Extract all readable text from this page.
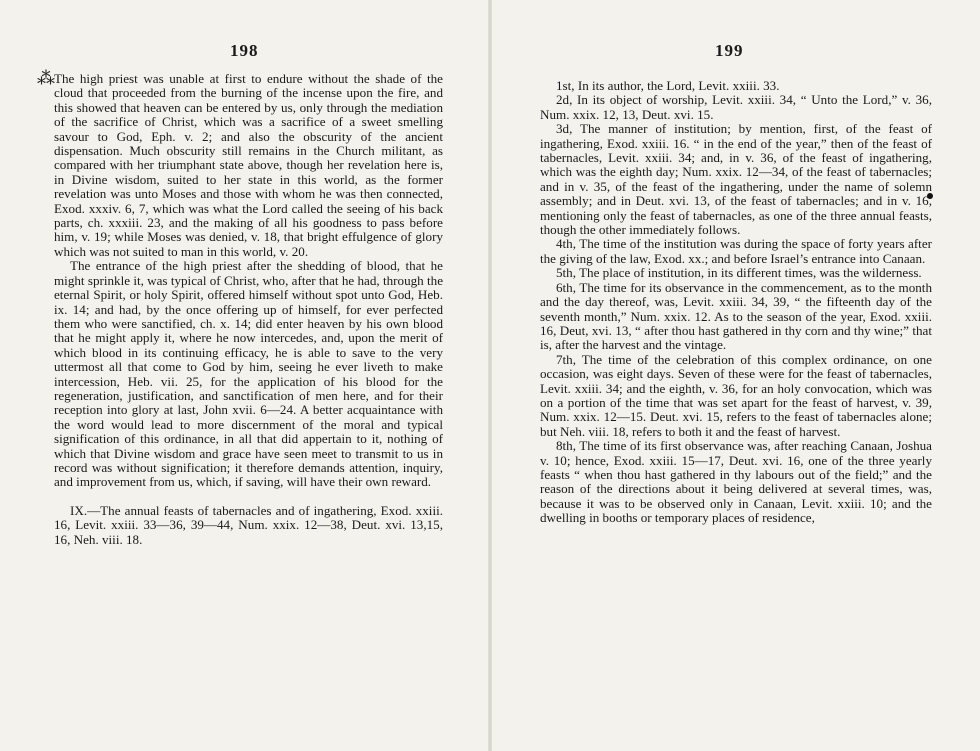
198
⁂ The high priest was unable at first to endure without the shade of the cloud that proceeded from the burning of the incense upon the fire, and this showed that heaven can be entered by us, only through the mediation of the sacrifice of Christ, which was a sacrifice of a sweet smelling savour to God, Eph. v. 2; and also the obscurity of the ancient dispensation. Much obscurity still remains in the Church militant, as compared with her triumphant state above, though her revelation here is, in Divine wisdom, suited to her state in this world, as the former revelation was unto Moses and those with whom he was then connected, Exod. xxxiv. 6, 7, which was what the Lord called the seeing of his back parts, ch. xxxiii. 23, and the making of all his goodness to pass before him, v. 19; while Moses was denied, v. 18, that bright effulgence of glory which was not suited to man in this world, v. 20.

The entrance of the high priest after the shedding of blood, that he might sprinkle it, was typical of Christ, who, after that he had, through the eternal Spirit, or holy Spirit, offered himself without spot unto God, Heb. ix. 14; and had, by the once offering up of himself, for ever perfected them who were sanctified, ch. x. 14; did enter heaven by his own blood that he might apply it, where he now intercedes, and, upon the merit of which blood in its continuing efficacy, he is able to save to the very uttermost all that come to God by him, seeing he ever liveth to make intercession, Heb. vii. 25, for the application of his blood for the regeneration, justification, and sanctification of men here, and for their reception into glory at last, John xvii. 6—24. A better acquaintance with the word would lead to more discernment of the moral and typical signification of this ordinance, in all that did appertain to it, nothing of which that Divine wisdom and grace have seen meet to transmit to us in record was without signification; it therefore demands attention, inquiry, and improvement from us, which, if saving, will have their own reward.

IX.—The annual feasts of tabernacles and of ingathering, Exod. xxiii. 16, Levit. xxiii. 33—36, 39—44, Num. xxix. 12—38, Deut. xvi. 13,15, 16, Neh. viii. 18.

199

1st, In its author, the Lord, Levit. xxiii. 33.

2d, In its object of worship, Levit. xxiii. 34, “ Unto the Lord,” v. 36, Num. xxix. 12, 13, Deut. xvi. 15.

3d, The manner of institution; by mention, first, of the feast of ingathering, Exod. xxiii. 16. “ in the end of the year,” then of the feast of tabernacles, Levit. xxiii. 34; and, in v. 36, of the feast of ingathering, which was the eighth day; Num. xxix. 12—34, of the feast of tabernacles; and in v. 35, of the feast of the ingathering, under the name of solemn assembly; and in Deut. xvi. 13, of the feast of tabernacles; and in v. 16, mentioning only the feast of tabernacles, as one of the three annual feasts, though the other immediately follows.

4th, The time of the institution was during the space of forty years after the giving of the law, Exod. xx.; and before Israel’s entrance into Canaan.

5th, The place of institution, in its different times, was the wilderness.

6th, The time for its observance in the commencement, as to the month and the day thereof, was, Levit. xxiii. 34, 39, “ the fifteenth day of the seventh month,” Num. xxix. 12. As to the season of the year, Exod. xxiii. 16, Deut, xvi. 13, “ after thou hast gathered in thy corn and thy wine;” that is, after the harvest and the vintage.

7th, The time of the celebration of this complex ordinance, on one occasion, was eight days. Seven of these were for the feast of tabernacles, Levit. xxiii. 34; and the eighth, v. 36, for an holy convocation, which was on a portion of the time that was set apart for the feast of harvest, v. 39, Num. xxix. 12—15. Deut. xvi. 15, refers to the feast of tabernacles alone; but Neh. viii. 18, refers to both it and the feast of harvest.

8th, The time of its first observance was, after reaching Canaan, Joshua v. 10; hence, Exod. xxiii. 15—17, Deut. xvi. 16, one of the three yearly feasts “ when thou hast gathered in thy labours out of the field;” and the reason of the directions about it being delivered at several times, was, because it was to be observed only in Canaan, Levit. xxiii. 10; and the dwelling in booths or temporary places of residence,
